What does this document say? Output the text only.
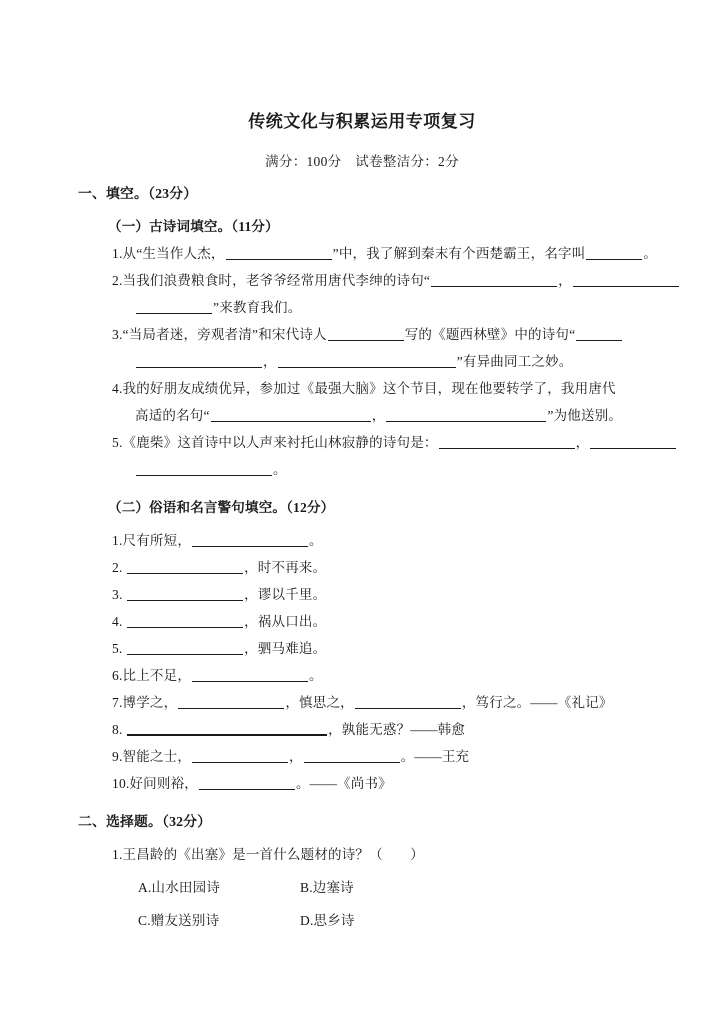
传统文化与积累运用专项复习
满分：100分　试卷整洁分：2分
一、填空。（23分）
（一）古诗词填空。（11分）
1.从“生当作人杰，	”中，我了解到秦末有个西楚霸王，名字叫	。
2.当我们浪费粮食时，老爷爷经常用唐代李绅的诗句“	，
”来教育我们。
3.“当局者迷，旁观者清”和宋代诗人	写的《题西林壁》中的诗句“
，	”有异曲同工之妙。
4.我的好朋友成绩优异，参加过《最强大脑》这个节目，现在他要转学了，我用唐代
高适的名句“	，	”为他送别。
5.《鹿柴》这首诗中以人声来衬托山林寂静的诗句是：	，
。
（二）俗语和名言警句填空。（12分）
1.尺有所短，	。
2.	，时不再来。
3.	，谬以千里。
4.	，祸从口出。
5.	，驷马难追。
6.比上不足，	。
7.博学之，	，慎思之，	，笃行之。――《礼记》
8.	，孰能无惑？――韩愈
9.智能之士，	，	。――王充
10.好问则裕，	。――《尚书》
二、选择题。（32分）
1.王昌龄的《出塞》是一首什么题材的诗？（　　）
A.山水田园诗	B.边塞诗
C.赠友送别诗	D.思乡诗
